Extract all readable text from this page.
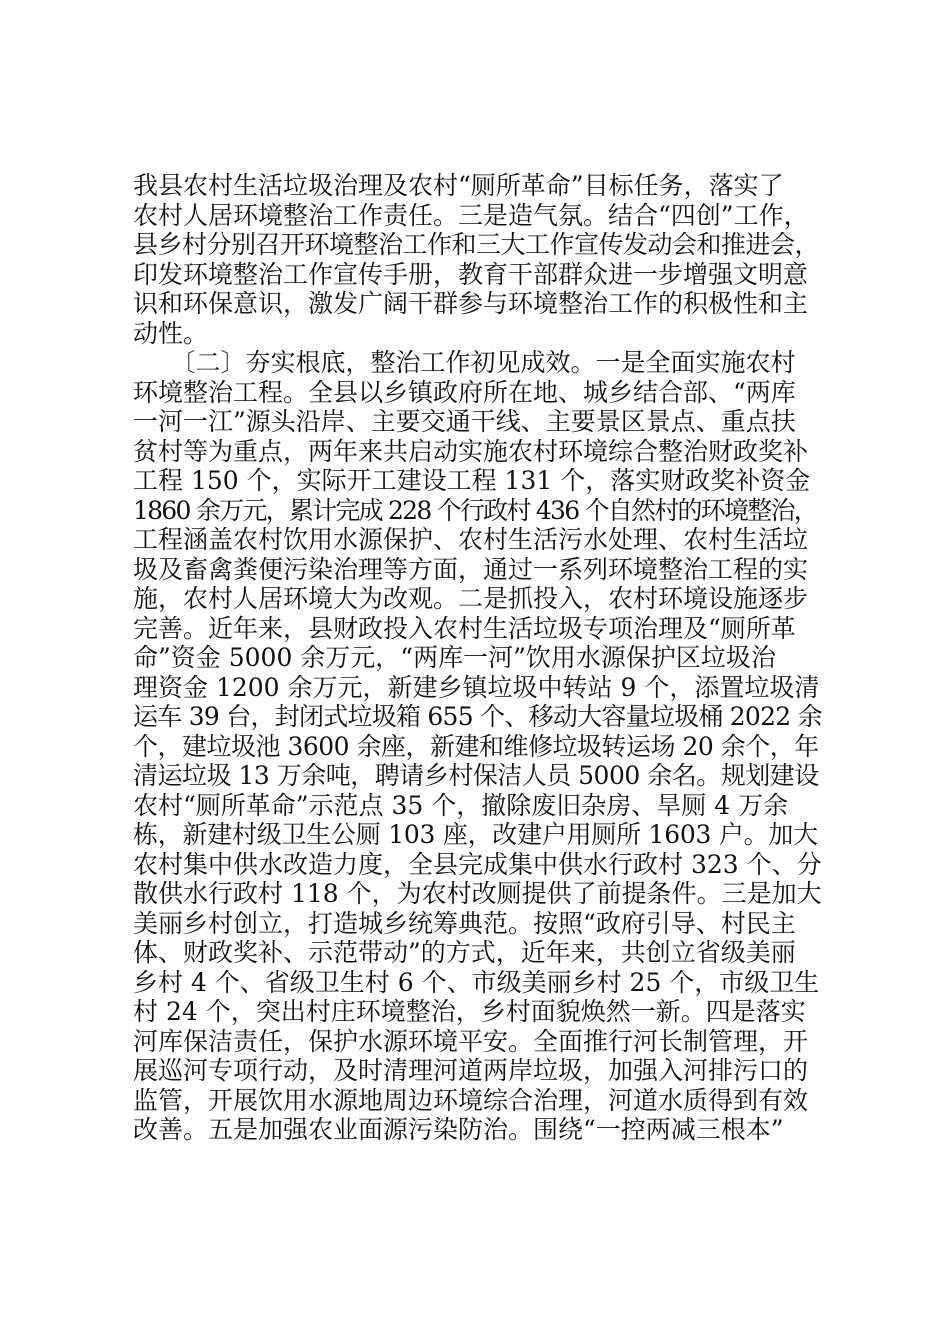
我县农村生活垃圾治理及农村“厕所革命”目标任务，落实了
农村人居环境整治工作责任。三是造气氛。结合“四创”工作，
县乡村分别召开环境整治工作和三大工作宣传发动会和推进会，
印发环境整治工作宣传手册，教育干部群众进一步增强文明意
识和环保意识，激发广阔干群参与环境整治工作的积极性和主
动性。
　　〔二〕夯实根底，整治工作初见成效。一是全面实施农村
环境整治工程。全县以乡镇政府所在地、城乡结合部、“两库
一河一江”源头沿岸、主要交通干线、主要景区景点、重点扶
贫村等为重点，两年来共启动实施农村环境综合整治财政奖补
工程 150 个，实际开工建设工程 131 个，落实财政奖补资金
1860 余万元，累计完成 228 个行政村 436 个自然村的环境整治，
工程涵盖农村饮用水源保护、农村生活污水处理、农村生活垃
圾及畜禽粪便污染治理等方面，通过一系列环境整治工程的实
施，农村人居环境大为改观。二是抓投入，农村环境设施逐步
完善。近年来，县财政投入农村生活垃圾专项治理及“厕所革
命”资金 5000 余万元，“两库一河”饮用水源保护区垃圾治
理资金 1200 余万元，新建乡镇垃圾中转站 9 个，添置垃圾清
运车 39 台，封闭式垃圾箱 655 个、移动大容量垃圾桶 2022 余
个，建垃圾池 3600 余座，新建和维修垃圾转运场 20 余个，年
清运垃圾 13 万余吨，聘请乡村保洁人员 5000 余名。规划建设
农村“厕所革命”示范点 35 个，撤除废旧杂房、旱厕 4 万余
栋，新建村级卫生公厕 103 座，改建户用厕所 1603 户。加大
农村集中供水改造力度，全县完成集中供水行政村 323 个、分
散供水行政村 118 个，为农村改厕提供了前提条件。三是加大
美丽乡村创立，打造城乡统筹典范。按照“政府引导、村民主
体、财政奖补、示范带动”的方式，近年来，共创立省级美丽
乡村 4 个、省级卫生村 6 个、市级美丽乡村 25 个，市级卫生
村 24 个，突出村庄环境整治，乡村面貌焕然一新。四是落实
河库保洁责任，保护水源环境平安。全面推行河长制管理，开
展巡河专项行动，及时清理河道两岸垃圾，加强入河排污口的
监管，开展饮用水源地周边环境综合治理，河道水质得到有效
改善。五是加强农业面源污染防治。围绕“一控两减三根本”
